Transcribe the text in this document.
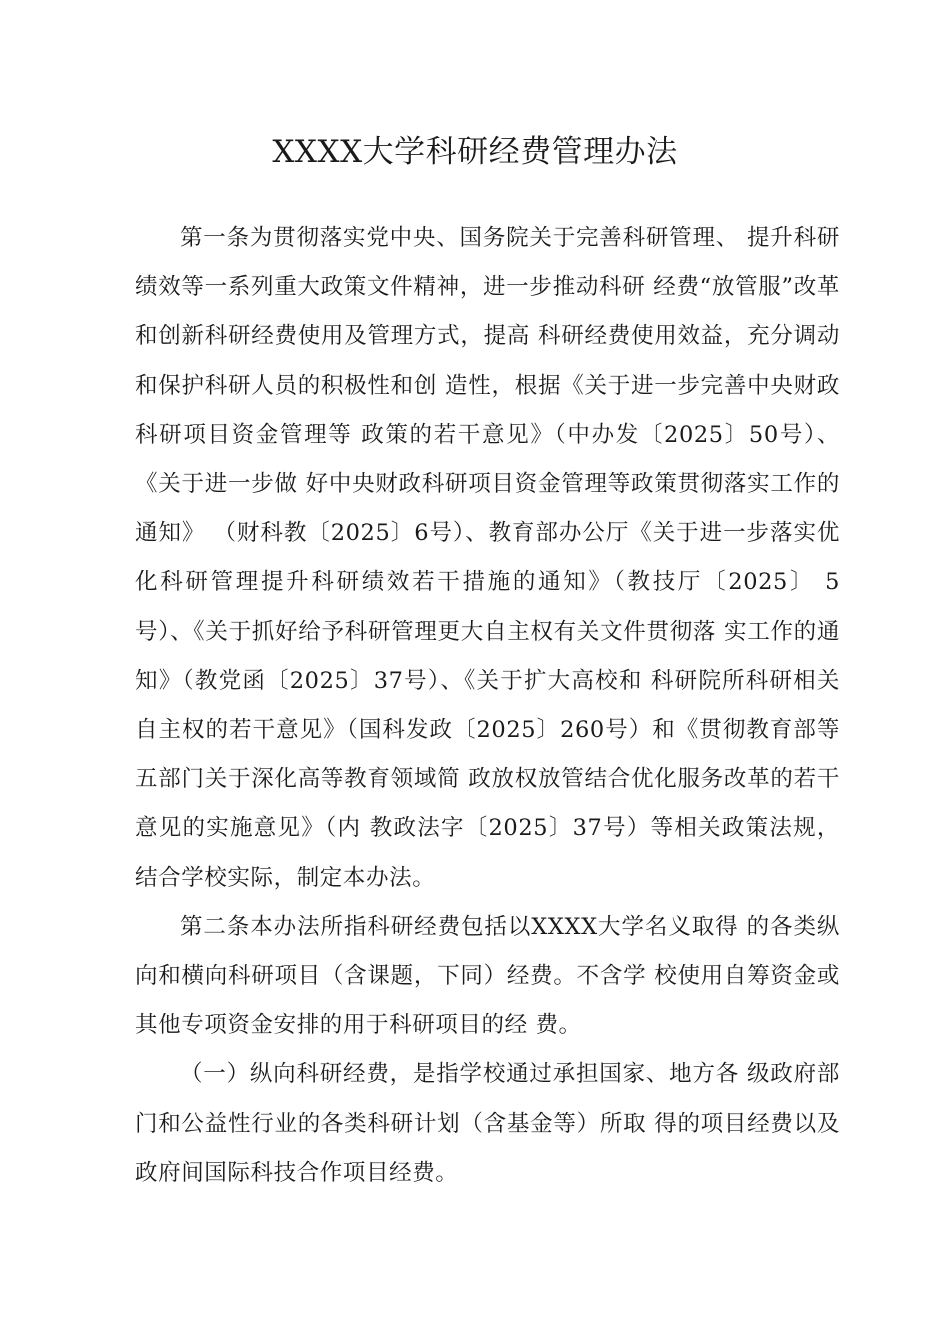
XXXX大学科研经费管理办法

第一条为贯彻落实党中央、国务院关于完善科研管理、 提升科研绩效等一系列重大政策文件精神，进一步推动科研 经费“放管服”改革和创新科研经费使用及管理方式，提高 科研经费使用效益，充分调动和保护科研人员的积极性和创 造性，根据《关于进一步完善中央财政科研项目资金管理等 政策的若干意见》（中办发〔2025〕50号）、《关于进一步做 好中央财政科研项目资金管理等政策贯彻落实工作的通知》 （财科教〔2025〕6号）、教育部办公厅《关于进一步落实优 化科研管理提升科研绩效若干措施的通知》（教技厅〔2025〕 5号）、《关于抓好给予科研管理更大自主权有关文件贯彻落 实工作的通知》（教党函〔2025〕37号）、《关于扩大高校和 科研院所科研相关自主权的若干意见》（国科发政〔2025〕260号）和《贯彻教育部等五部门关于深化高等教育领域简 政放权放管结合优化服务改革的若干意见的实施意见》（内 教政法字〔2025〕37号）等相关政策法规，结合学校实际，制定本办法。

第二条本办法所指科研经费包括以XXXX大学名义取得 的各类纵向和横向科研项目（含课题，下同）经费。不含学 校使用自筹资金或其他专项资金安排的用于科研项目的经 费。

（一）纵向科研经费，是指学校通过承担国家、地方各 级政府部门和公益性行业的各类科研计划（含基金等）所取 得的项目经费以及政府间国际科技合作项目经费。
